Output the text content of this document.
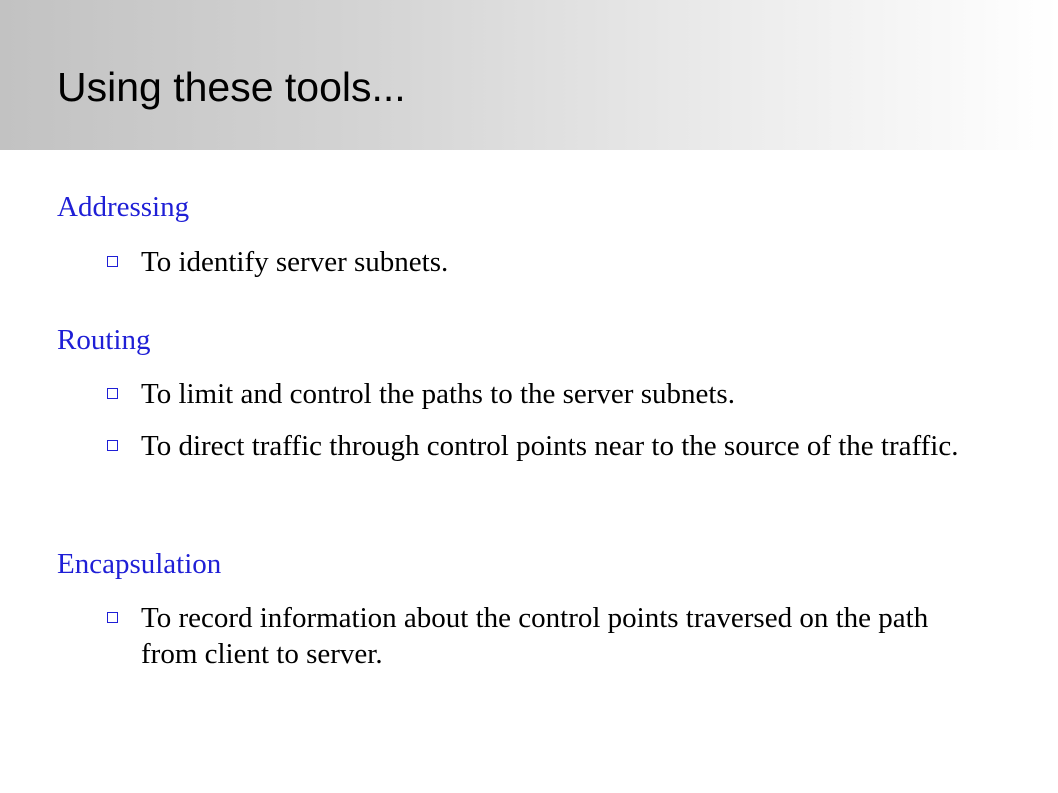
Using these tools...
Addressing

To identify server subnets.

Routing

To limit and control the paths to the server subnets.

To direct traffic through control points near to the source of the traffic.

Encapsulation

To record information about the control points traversed on the path from client to server.
